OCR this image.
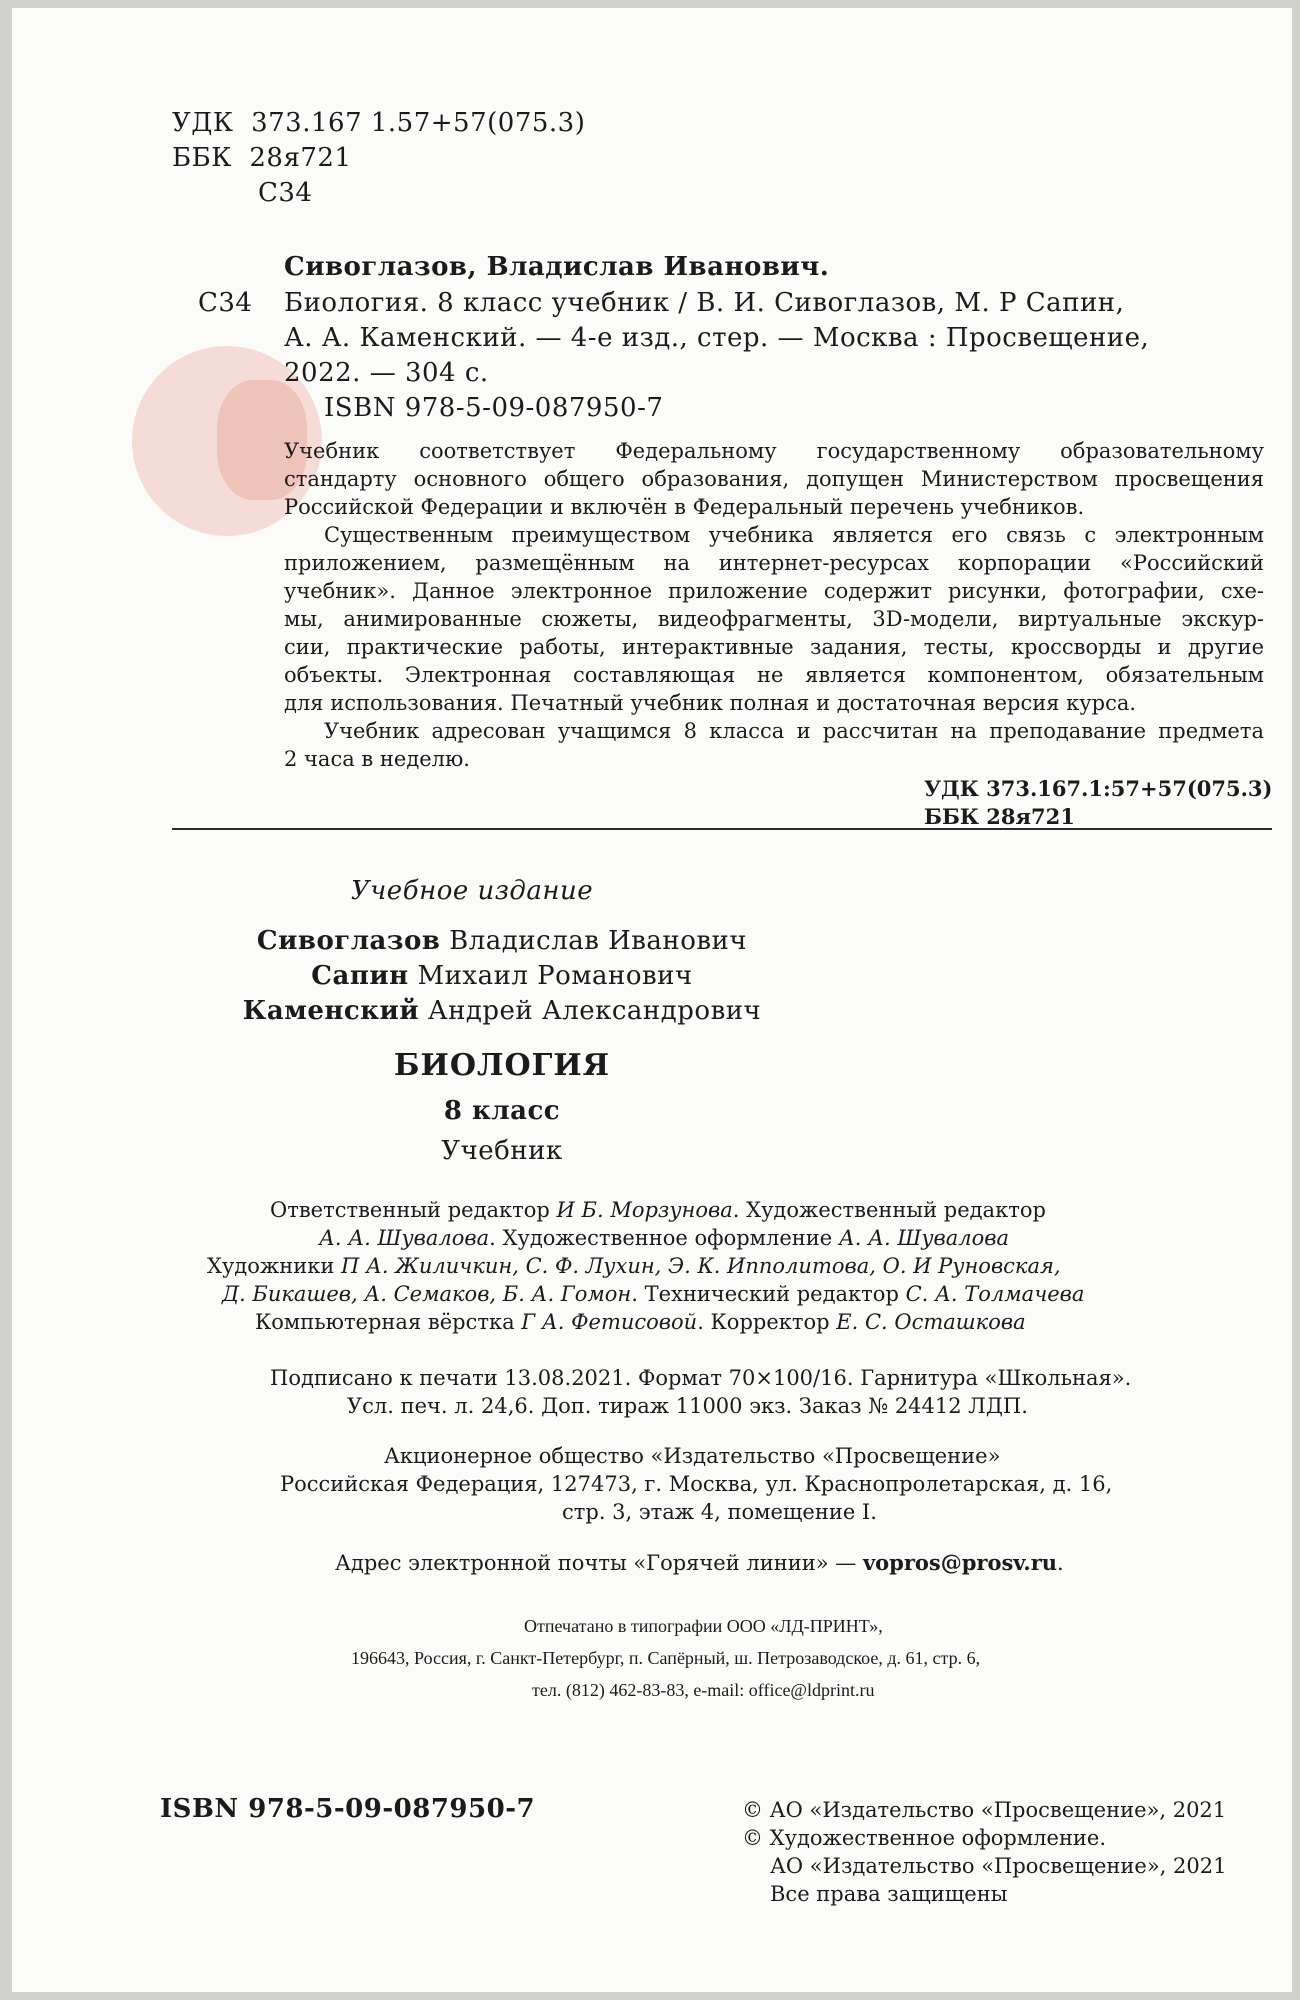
УДК 373.167 1.57+57(075.3)
ББК 28я721
С34
Сивоглазов, Владислав Иванович.
С34 Биология. 8 класс учебник / В. И. Сивоглазов, М. Р Сапин,
А. А. Каменский. — 4-е изд., стер. — Москва : Просвещение,
2022. — 304 с.
ISBN 978-5-09-087950-7
Учебник соответствует Федеральному государственному образовательному
стандарту основного общего образования, допущен Министерством просвещения
Российской Федерации и включён в Федеральный перечень учебников.
Существенным преимуществом учебника является его связь с электронным
приложением, размещённым на интернет-ресурсах корпорации «Российский
учебник». Данное электронное приложение содержит рисунки, фотографии, схе-
мы, анимированные сюжеты, видеофрагменты, 3D-модели, виртуальные экскур-
сии, практические работы, интерактивные задания, тесты, кроссворды и другие
объекты. Электронная составляющая не является компонентом, обязательным
для использования. Печатный учебник полная и достаточная версия курса.
Учебник адресован учащимся 8 класса и рассчитан на преподавание предмета
2 часа в неделю.
УДК 373.167.1:57+57(075.3)
ББК 28я721
Учебное издание
Сивоглазов Владислав Иванович
Сапин Михаил Романович
Каменский Андрей Александрович
БИОЛОГИЯ
8 класс
Учебник
Ответственный редактор И Б. Морзунова. Художественный редактор
А. А. Шувалова. Художественное оформление А. А. Шувалова
Художники П А. Жиличкин, С. Ф. Лухин, Э. К. Ипполитова, О. И Руновская,
Д. Бикашев, А. Семаков, Б. А. Гомон. Технический редактор С. А. Толмачева
Компьютерная вёрстка Г А. Фетисовой. Корректор Е. С. Осташкова
Подписано к печати 13.08.2021. Формат 70×100/16. Гарнитура «Школьная».
Усл. печ. л. 24,6. Доп. тираж 11000 экз. Заказ № 24412 ЛДП.
Акционерное общество «Издательство «Просвещение»
Российская Федерация, 127473, г. Москва, ул. Краснопролетарская, д. 16,
стр. 3, этаж 4, помещение I.
Адрес электронной почты «Горячей линии» — vopros@prosv.ru.
Отпечатано в типографии ООО «ЛД-ПРИНТ»,
196643, Россия, г. Санкт-Петербург, п. Сапёрный, ш. Петрозаводское, д. 61, стр. 6,
тел. (812) 462-83-83, e-mail: office@ldprint.ru
ISBN 978-5-09-087950-7	© АО «Издательство «Просвещение», 2021
© Художественное оформление.
АО «Издательство «Просвещение», 2021
Все права защищены
